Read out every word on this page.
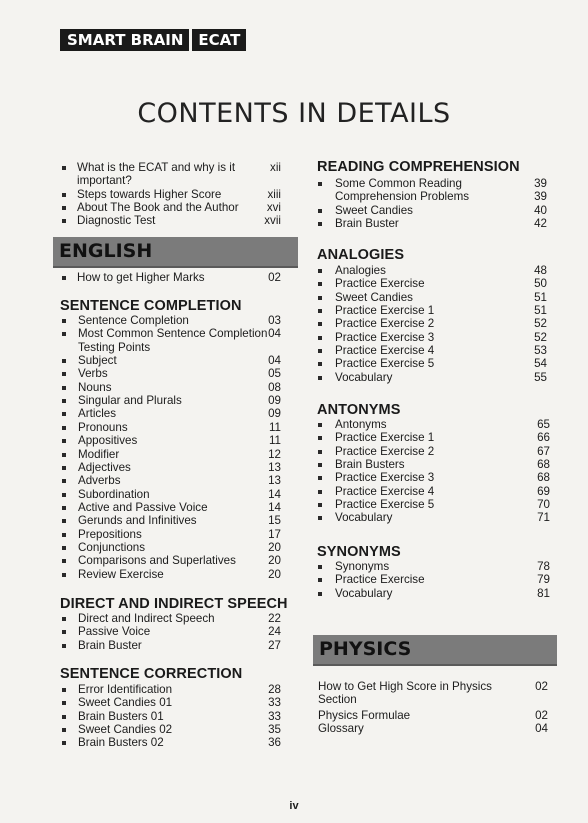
SMART BRAIN	ECAT
CONTENTS IN DETAILS
What is the ECAT and why is it	xii
important?
Steps towards Higher Score	xiii
About The Book and the Author	xvi
Diagnostic Test	xvii
ENGLISH
How to get Higher Marks	02
SENTENCE COMPLETION
Sentence Completion	03
Most Common Sentence Completion 04
Testing Points
Subject	04
Verbs	05
Nouns	08
Singular and Plurals	09
Articles	09
Pronouns	11
Appositives	11
Modifier	12
Adjectives	13
Adverbs	13
Subordination	14
Active and Passive Voice	14
Gerunds and Infinitives	15
Prepositions	17
Conjunctions	20
Comparisons and Superlatives	20
Review Exercise	20
DIRECT AND INDIRECT SPEECH
Direct and Indirect Speech	22
Passive Voice	24
Brain Buster	27
SENTENCE CORRECTION
Error Identification	28
Sweet Candies 01	33
Brain Busters 01	33
Sweet Candies 02	35
Brain Busters 02	36
READING COMPREHENSION
Some Common Reading	39
Comprehension Problems	39
Sweet Candies	40
Brain Buster	42
ANALOGIES
Analogies	48
Practice Exercise	50
Sweet Candies	51
Practice Exercise 1	51
Practice Exercise 2	52
Practice Exercise 3	52
Practice Exercise 4	53
Practice Exercise 5	54
Vocabulary	55
ANTONYMS
Antonyms	65
Practice Exercise 1	66
Practice Exercise 2	67
Brain Busters	68
Practice Exercise 3	68
Practice Exercise 4	69
Practice Exercise 5	70
Vocabulary	71
SYNONYMS
Synonyms	78
Practice Exercise	79
Vocabulary	81
PHYSICS
How to Get High Score in Physics	02
Section
Physics Formulae	02
Glossary	04
iv
